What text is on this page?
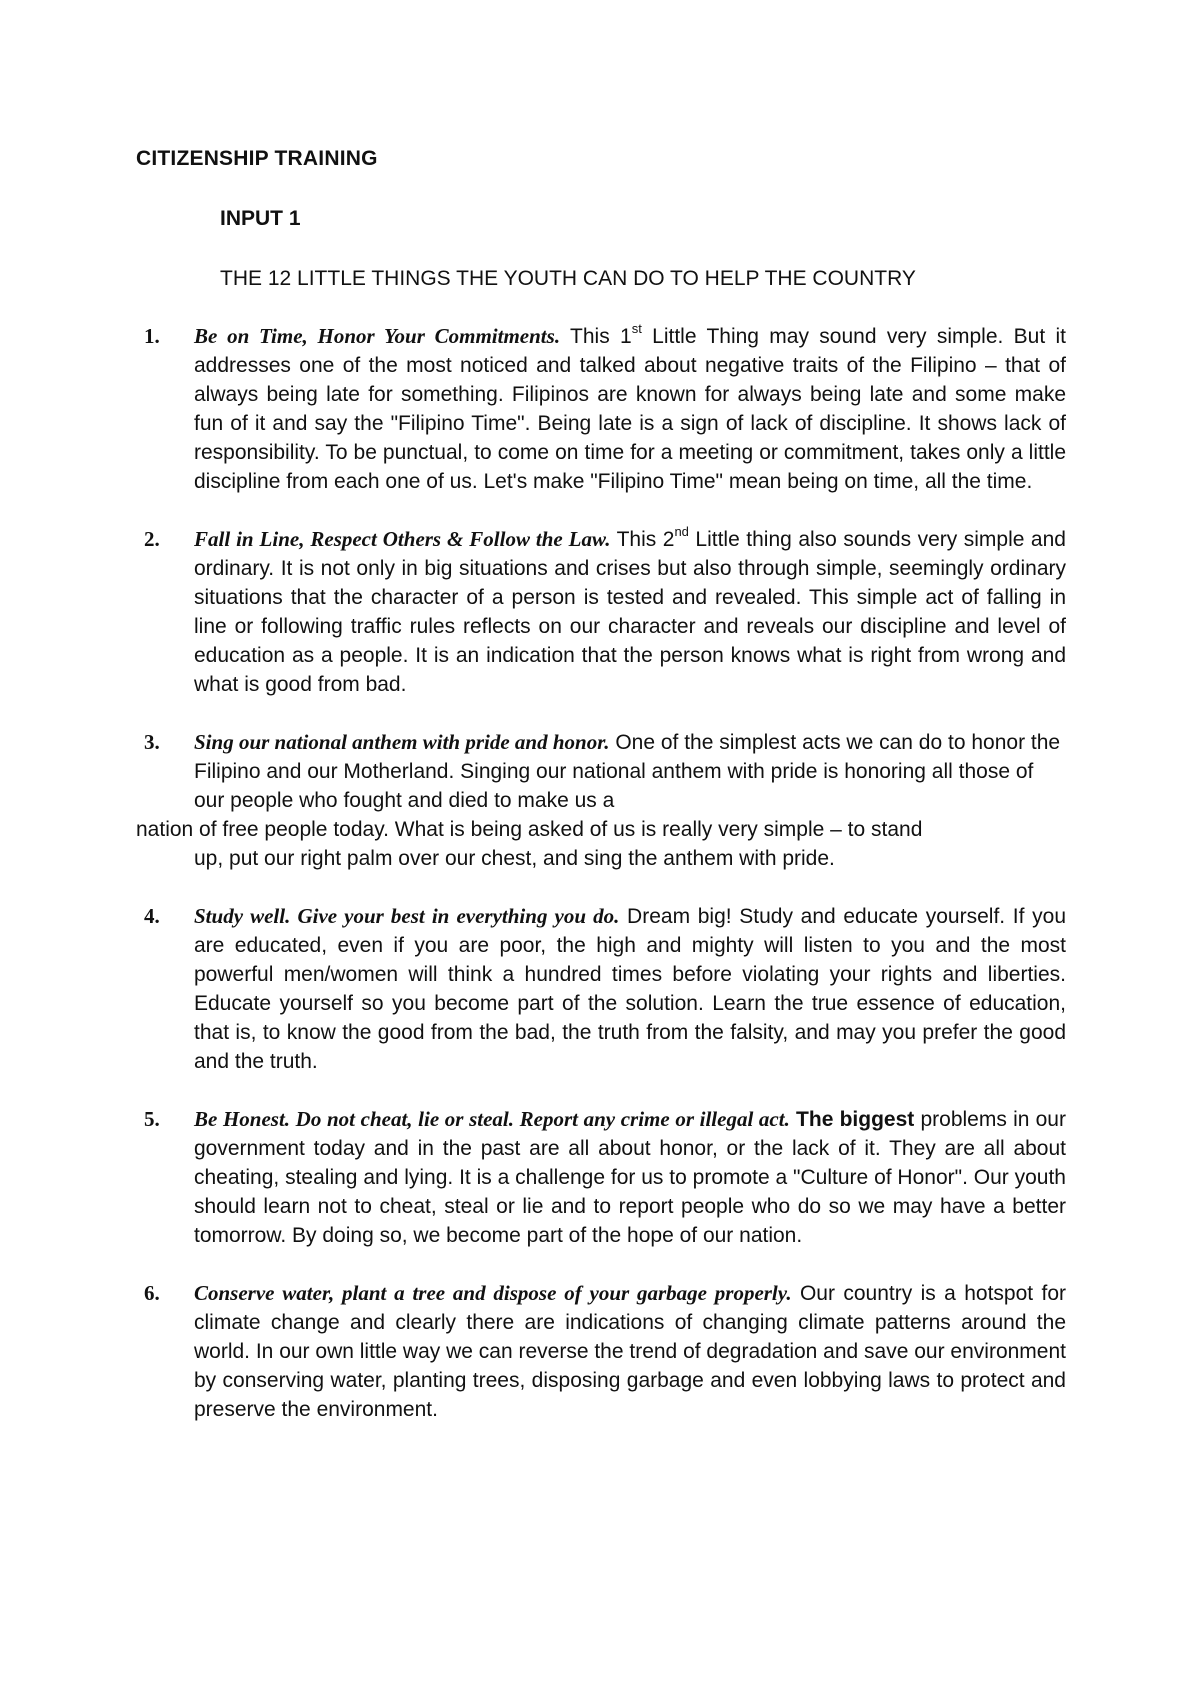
CITIZENSHIP TRAINING
INPUT 1
THE 12 LITTLE THINGS THE YOUTH CAN DO TO HELP THE COUNTRY
1. Be on Time, Honor Your Commitments. This 1st Little Thing may sound very simple. But it addresses one of the most noticed and talked about negative traits of the Filipino – that of always being late for something. Filipinos are known for always being late and some make fun of it and say the "Filipino Time". Being late is a sign of lack of discipline. It shows lack of responsibility. To be punctual, to come on time for a meeting or commitment, takes only a little discipline from each one of us. Let's make "Filipino Time" mean being on time, all the time.

2. Fall in Line, Respect Others & Follow the Law. This 2nd Little thing also sounds very simple and ordinary. It is not only in big situations and crises but also through simple, seemingly ordinary situations that the character of a person is tested and revealed. This simple act of falling in line or following traffic rules reflects on our character and reveals our discipline and level of education as a people. It is an indication that the person knows what is right from wrong and what is good from bad.

3. Sing our national anthem with pride and honor. One of the simplest acts we can do to honor the Filipino and our Motherland. Singing our national anthem with pride is honoring all those of our people who fought and died to make us a
nation of free people today. What is being asked of us is really very simple – to stand
up, put our right palm over our chest, and sing the anthem with pride.

4. Study well. Give your best in everything you do. Dream big! Study and educate yourself. If you are educated, even if you are poor, the high and mighty will listen to you and the most powerful men/women will think a hundred times before violating your rights and liberties. Educate yourself so you become part of the solution. Learn the true essence of education, that is, to know the good from the bad, the truth from the falsity, and may you prefer the good and the truth.

5. Be Honest. Do not cheat, lie or steal. Report any crime or illegal act. The biggest problems in our government today and in the past are all about honor, or the lack of it. They are all about cheating, stealing and lying. It is a challenge for us to promote a "Culture of Honor". Our youth should learn not to cheat, steal or lie and to report people who do so we may have a better tomorrow. By doing so, we become part of the hope of our nation.

6. Conserve water, plant a tree and dispose of your garbage properly. Our country is a hotspot for climate change and clearly there are indications of changing climate patterns around the world. In our own little way we can reverse the trend of degradation and save our environment by conserving water, planting trees, disposing garbage and even lobbying laws to protect and preserve the environment.
